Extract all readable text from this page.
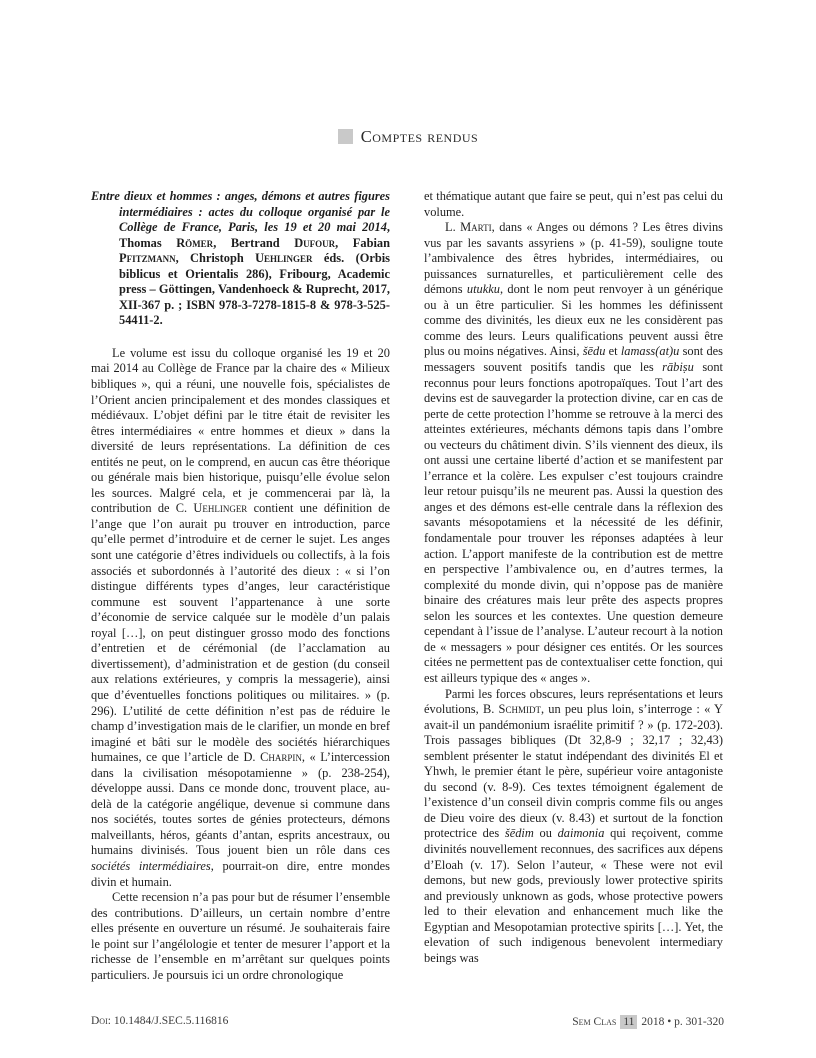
Comptes rendus

Entre dieux et hommes : anges, démons et autres figures intermédiaires : actes du colloque organisé par le Collège de France, Paris, les 19 et 20 mai 2014, Thomas Römer, Bertrand Dufour, Fabian Pfitzmann, Christoph Uehlinger éds. (Orbis biblicus et Orientalis 286), Fribourg, Academic press – Göttingen, Vandenhoeck & Ruprecht, 2017, XII-367 p. ; ISBN 978-3-7278-1815-8 & 978-3-525-54411-2.

Le volume est issu du colloque organisé les 19 et 20 mai 2014 au Collège de France par la chaire des « Milieux bibliques », qui a réuni, une nouvelle fois, spécialistes de l’Orient ancien principalement et des mondes classiques et médiévaux. L’objet défini par le titre était de revisiter les êtres intermédiaires « entre hommes et dieux » dans la diversité de leurs représentations. La définition de ces entités ne peut, on le comprend, en aucun cas être théorique ou générale mais bien historique, puisqu’elle évolue selon les sources. Malgré cela, et je commencerai par là, la contribution de C. Uehlinger contient une définition de l’ange que l’on aurait pu trouver en introduction, parce qu’elle permet d’introduire et de cerner le sujet. Les anges sont une catégorie d’êtres individuels ou collectifs, à la fois associés et subordonnés à l’autorité des dieux : « si l’on distingue différents types d’anges, leur caractéristique commune est souvent l’appartenance à une sorte d’économie de service calquée sur le modèle d’un palais royal […], on peut distinguer grosso modo des fonctions d’entretien et de cérémonial (de l’acclamation au divertissement), d’administration et de gestion (du conseil aux relations extérieures, y compris la messagerie), ainsi que d’éventuelles fonctions politiques ou militaires. » (p. 296). L’utilité de cette définition n’est pas de réduire le champ d’investigation mais de le clarifier, un monde en bref imaginé et bâti sur le modèle des sociétés hiérarchiques humaines, ce que l’article de D. Charpin, « L’intercession dans la civilisation mésopotamienne » (p. 238-254), développe aussi. Dans ce monde donc, trouvent place, au-delà de la catégorie angélique, devenue si commune dans nos sociétés, toutes sortes de génies protecteurs, démons malveillants, héros, géants d’antan, esprits ancestraux, ou humains divinisés. Tous jouent bien un rôle dans ces sociétés intermédiaires, pourrait-on dire, entre mondes divin et humain.

Cette recension n’a pas pour but de résumer l’ensemble des contributions. D’ailleurs, un certain nombre d’entre elles présente en ouverture un résumé. Je souhaiterais faire le point sur l’angélologie et tenter de mesurer l’apport et la richesse de l’ensemble en m’arrêtant sur quelques points particuliers. Je poursuis ici un ordre chronologique

et thématique autant que faire se peut, qui n’est pas celui du volume.

L. Marti, dans « Anges ou démons ? Les êtres divins vus par les savants assyriens » (p. 41-59), souligne toute l’ambivalence des êtres hybrides, intermédiaires, ou puissances surnaturelles, et particulièrement celle des démons utukku, dont le nom peut renvoyer à un générique ou à un être particulier. Si les hommes les définissent comme des divinités, les dieux eux ne les considèrent pas comme des leurs. Leurs qualifications peuvent aussi être plus ou moins négatives. Ainsi, šēdu et lamass(at)u sont des messagers souvent positifs tandis que les rābiṣu sont reconnus pour leurs fonctions apotropaïques. Tout l’art des devins est de sauvegarder la protection divine, car en cas de perte de cette protection l’homme se retrouve à la merci des atteintes extérieures, méchants démons tapis dans l’ombre ou vecteurs du châtiment divin. S’ils viennent des dieux, ils ont aussi une certaine liberté d’action et se manifestent par l’errance et la colère. Les expulser c’est toujours craindre leur retour puisqu’ils ne meurent pas. Aussi la question des anges et des démons est-elle centrale dans la réflexion des savants mésopotamiens et la nécessité de les définir, fondamentale pour trouver les réponses adaptées à leur action. L’apport manifeste de la contribution est de mettre en perspective l’ambivalence ou, en d’autres termes, la complexité du monde divin, qui n’oppose pas de manière binaire des créatures mais leur prête des aspects propres selon les sources et les contextes. Une question demeure cependant à l’issue de l’analyse. L’auteur recourt à la notion de « messagers » pour désigner ces entités. Or les sources citées ne permettent pas de contextualiser cette fonction, qui est ailleurs typique des « anges ».

Parmi les forces obscures, leurs représentations et leurs évolutions, B. Schmidt, un peu plus loin, s’interroge : « Y avait-il un pandémonium israélite primitif ? » (p. 172-203). Trois passages bibliques (Dt 32,8-9 ; 32,17 ; 32,43) semblent présenter le statut indépendant des divinités El et Yhwh, le premier étant le père, supérieur voire antagoniste du second (v. 8-9). Ces textes témoignent également de l’existence d’un conseil divin compris comme fils ou anges de Dieu voire des dieux (v. 8.43) et surtout de la fonction protectrice des šēdim ou daimonia qui reçoivent, comme divinités nouvellement reconnues, des sacrifices aux dépens d’Eloah (v. 17). Selon l’auteur, « These were not evil demons, but new gods, previously lower protective spirits and previously unknown as gods, whose protective powers led to their elevation and enhancement much like the Egyptian and Mesopotamian protective spirits […]. Yet, the elevation of such indigenous benevolent intermediary beings was

Doi: 10.1484/J.SEC.5.116816	Sem Clas 11 2018 • p. 301-320
